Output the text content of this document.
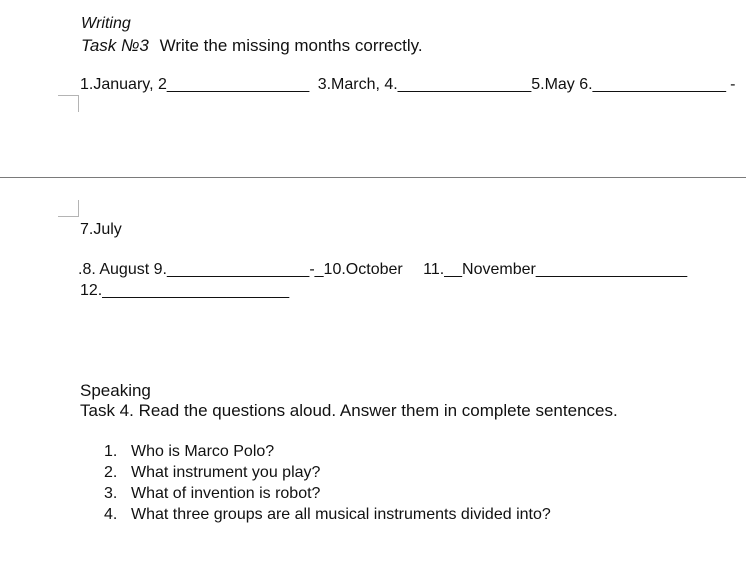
Writing
Task №3 Write the missing months correctly.
1.January, 2________________ 3.March, 4._______________5.May 6._______________ -
7.July
.8. August 9.________________-_10.October 11.__November_________________
12._____________________
Speaking
Task 4. Read the questions aloud. Answer them in complete sentences.
1. Who is Marco Polo?
2. What instrument you play?
3. What of invention is robot?
4. What three groups are all musical instruments divided into?
